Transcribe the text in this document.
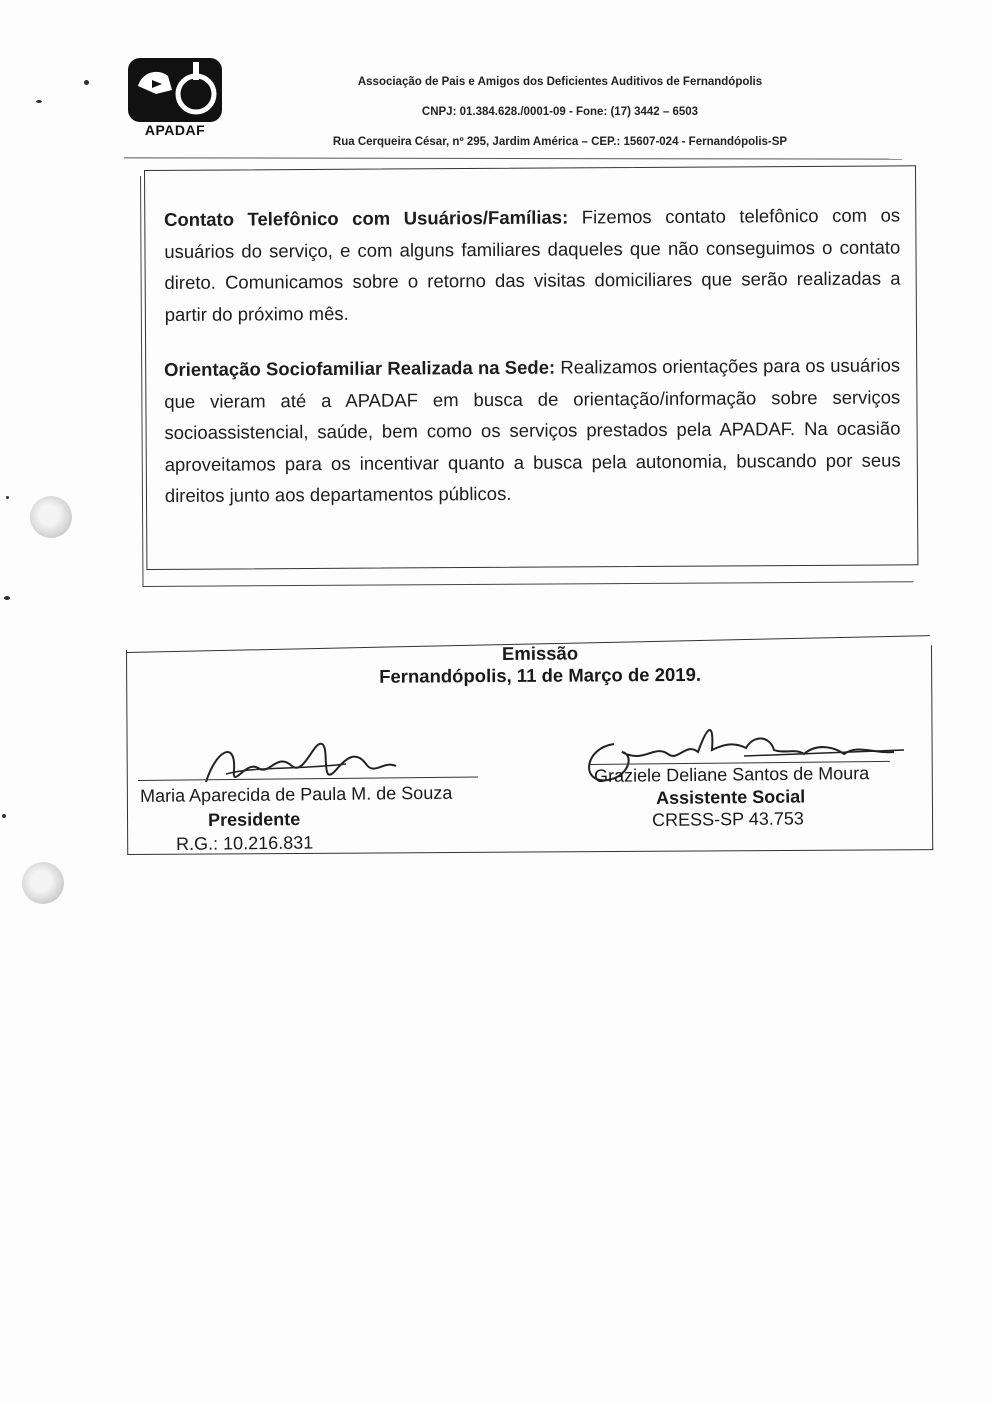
APADAF
Associação de Pais e Amigos dos Deficientes Auditivos de Fernandópolis
CNPJ: 01.384.628./0001-09 - Fone: (17) 3442 – 6503
Rua Cerqueira César, nº 295, Jardim América – CEP.: 15607-024 - Fernandópolis-SP
Contato Telefônico com Usuários/Famílias: Fizemos contato telefônico com os usuários do serviço, e com alguns familiares daqueles que não conseguimos o contato direto. Comunicamos sobre o retorno das visitas domiciliares que serão realizadas a partir do próximo mês.
Orientação Sociofamiliar Realizada na Sede: Realizamos orientações para os usuários que vieram até a APADAF em busca de orientação/informação sobre serviços socioassistencial, saúde, bem como os serviços prestados pela APADAF. Na ocasião aproveitamos para os incentivar quanto a busca pela autonomia, buscando por seus direitos junto aos departamentos públicos.
Emissão
Fernandópolis, 11 de Março de 2019.
Maria Aparecida de Paula M. de Souza
Presidente
R.G.: 10.216.831
Graziele Deliane Santos de Moura
Assistente Social
CRESS-SP 43.753
